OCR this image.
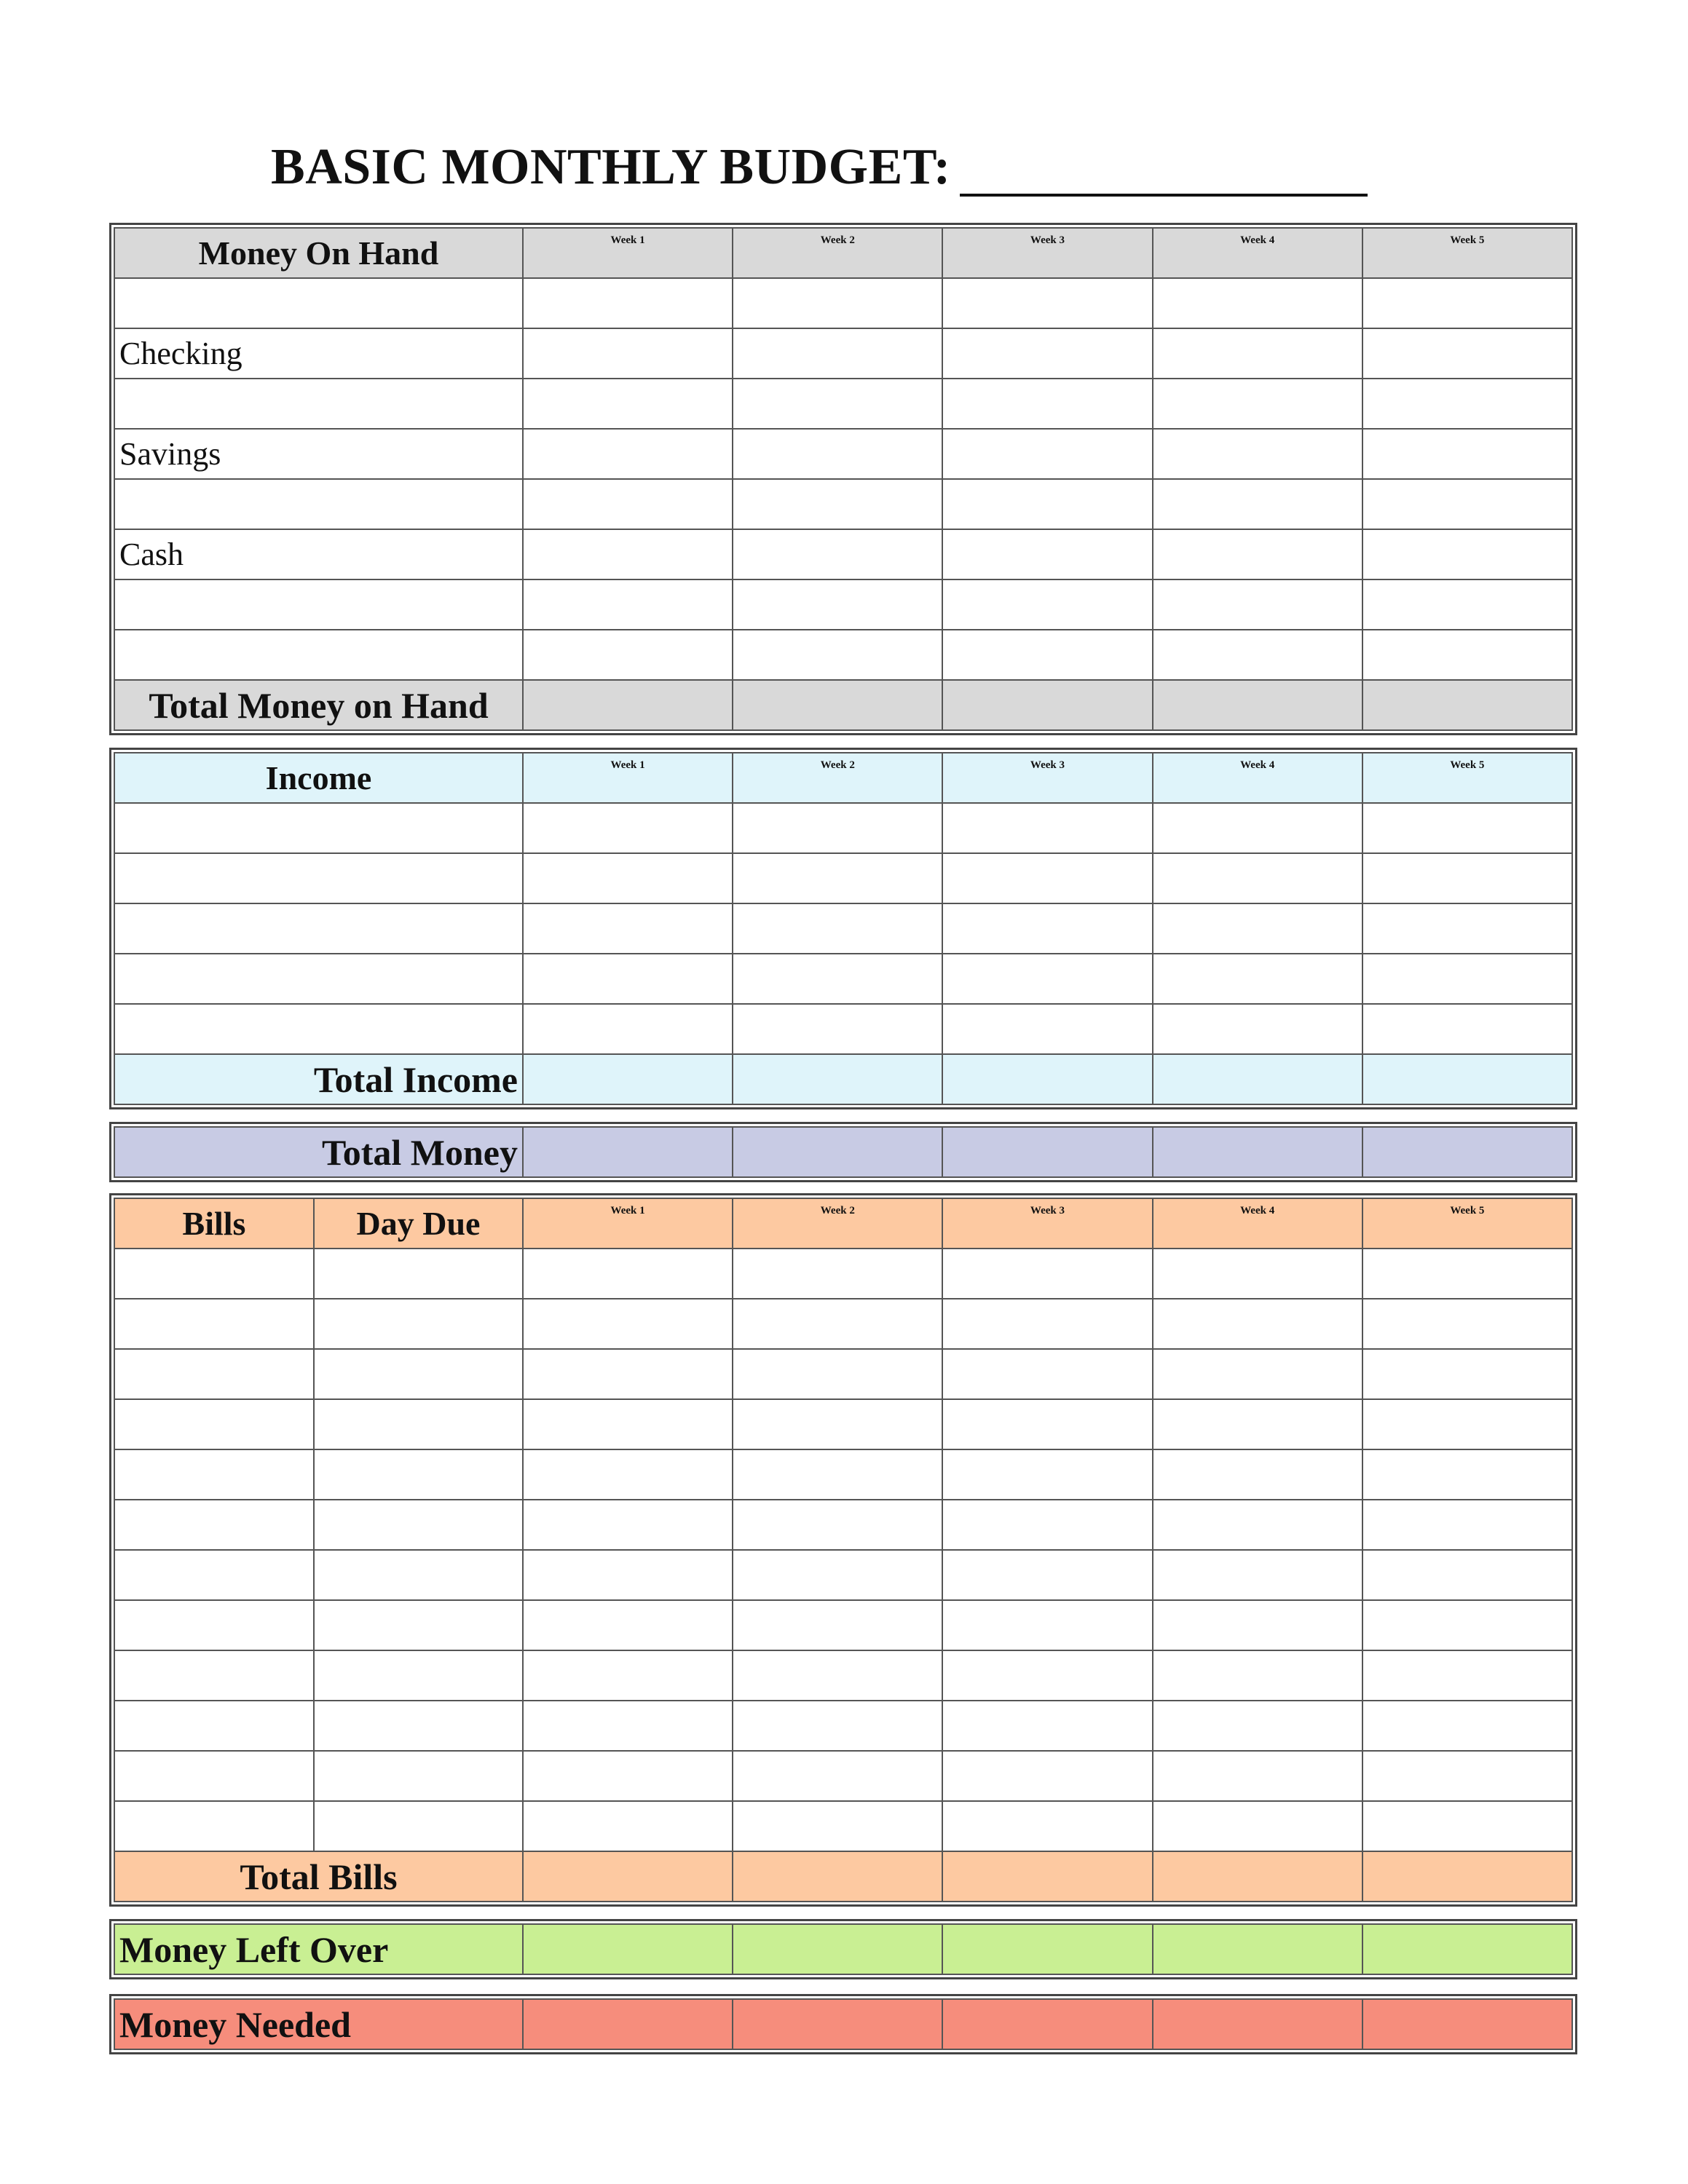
BASIC MONTHLY BUDGET:
Money On Hand	Week 1	Week 2	Week 3	Week 4	Week 5

Checking					

Savings					

Cash					

Total Money on Hand					
Income	Week 1	Week 2	Week 3	Week 4	Week 5

Total Income					
Total Money					
Bills	Day Due	Week 1	Week 2	Week 3	Week 4	Week 5

Total Bills						
Money Left Over					
Money Needed					
